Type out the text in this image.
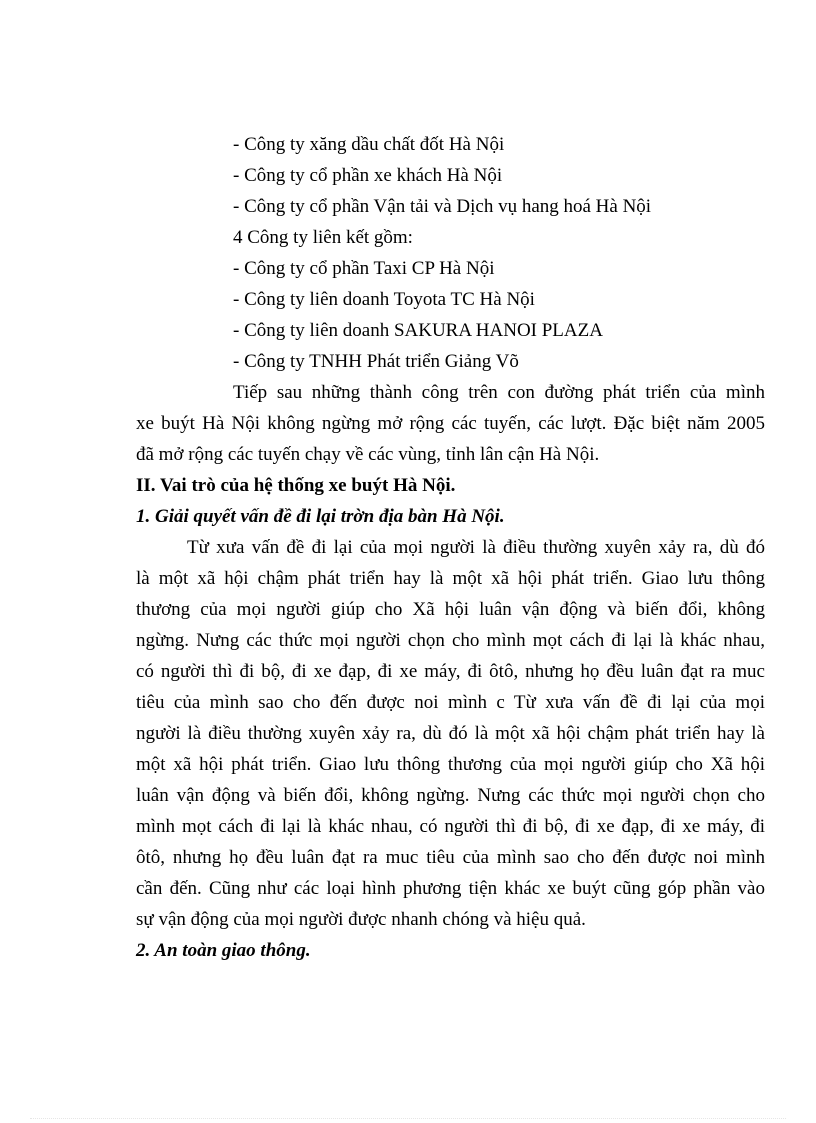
- Công ty xăng dầu chất đốt Hà Nội
- Công ty cổ phần xe khách Hà Nội
- Công ty cổ phần Vận tải và Dịch vụ hang hoá Hà Nội
4 Công ty liên kết gồm:
- Công ty cổ phần Taxi CP Hà Nội
- Công ty liên doanh Toyota TC Hà Nội
- Công ty liên doanh SAKURA HANOI PLAZA
- Công ty TNHH Phát triển Giảng Võ
Tiếp sau những thành công trên con đường phát triển của mình
xe buýt Hà Nội không ngừng mở rộng các tuyến, các lượt. Đặc biệt năm 2005
đã mở rộng các tuyến chạy về các vùng, tỉnh lân cận Hà Nội.
II. Vai trò của hệ thống xe buýt Hà Nội.
1. Giải quyết vấn đề đi lại trờn địa bàn Hà Nội.
Từ xưa vấn đề đi lại của mọi người là điều thường xuyên xảy ra, dù đó
là một xã hội chậm phát triển hay là một xã hội phát triển. Giao lưu thông
thương của mọi người giúp cho Xã hội luân vận động và biến đổi, không
ngừng. Nưng các thức mọi người chọn cho mình mọt cách đi lại là khác nhau,
có người thì đi bộ, đi xe đạp, đi xe máy, đi ôtô, nhưng họ đều luân đạt ra muc
tiêu của mình sao cho đến được noi mình c Từ xưa vấn đề đi lại của mọi
người là điều thường xuyên xảy ra, dù đó là một xã hội chậm phát triển hay là
một xã hội phát triển. Giao lưu thông thương của mọi người giúp cho Xã hội
luân vận động và biến đổi, không ngừng. Nưng các thức mọi người chọn cho
mình mọt cách đi lại là khác nhau, có người thì đi bộ, đi xe đạp, đi xe máy, đi
ôtô, nhưng họ đều luân đạt ra muc tiêu của mình sao cho đến được noi mình
cần đến. Cũng như các loại hình phương tiện khác xe buýt cũng góp phần vào
sự vận động của mọi người được nhanh chóng và hiệu quả.
2. An toàn giao thông.
